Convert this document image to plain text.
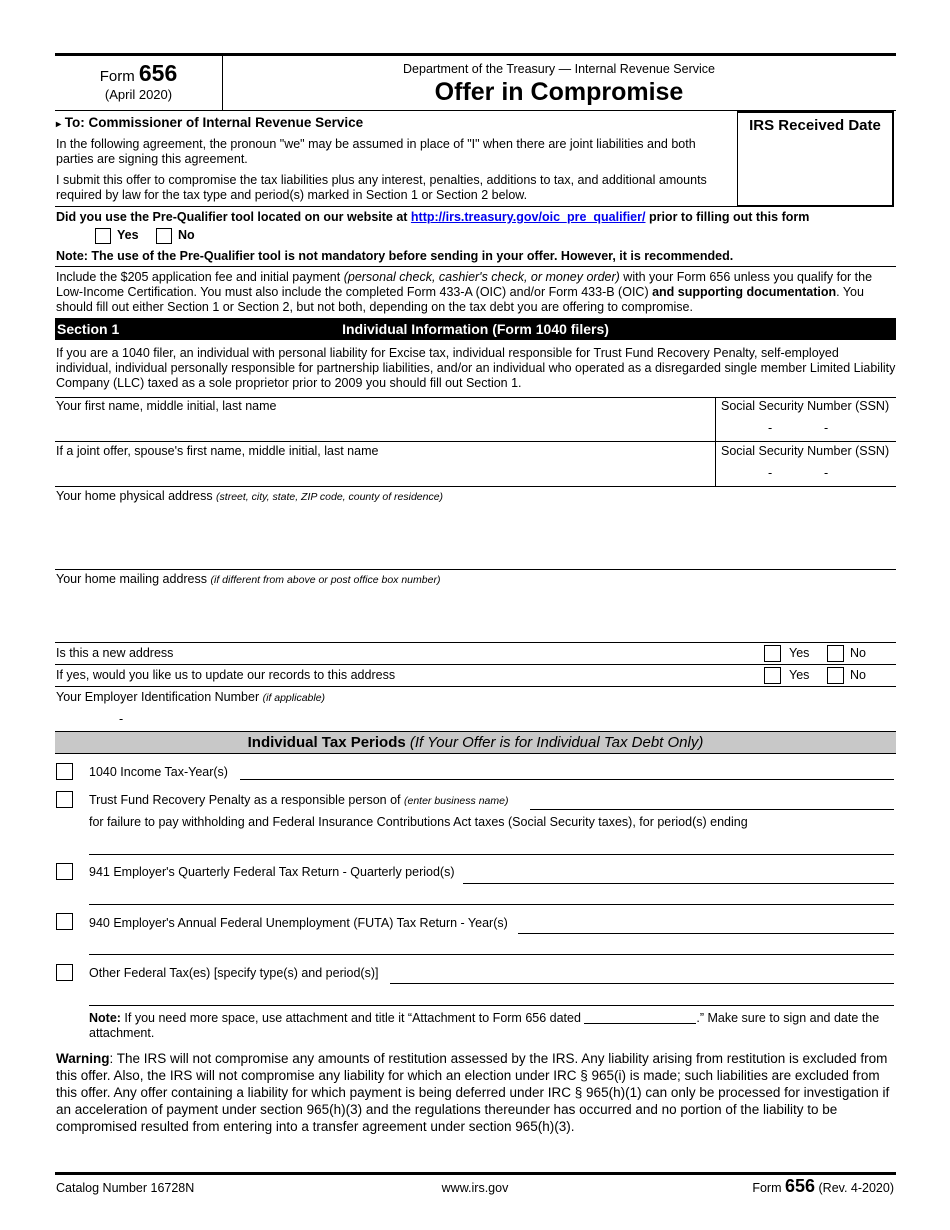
Form 656
(April 2020)
Department of the Treasury — Internal Revenue Service
Offer in Compromise
IRS Received Date
▸ To: Commissioner of Internal Revenue Service
In the following agreement, the pronoun "we" may be assumed in place of "I" when there are joint liabilities and both parties are signing this agreement.
I submit this offer to compromise the tax liabilities plus any interest, penalties, additions to tax, and additional amounts required by law for the tax type and period(s) marked in Section 1 or Section 2 below.
Did you use the Pre-Qualifier tool located on our website at http://irs.treasury.gov/oic_pre_qualifier/ prior to filling out this form
Yes	No
Note: The use of the Pre-Qualifier tool is not mandatory before sending in your offer. However, it is recommended.
Include the $205 application fee and initial payment (personal check, cashier's check, or money order) with your Form 656 unless you qualify for the Low-Income Certification. You must also include the completed Form 433-A (OIC) and/or Form 433-B (OIC) and supporting documentation. You should fill out either Section 1 or Section 2, but not both, depending on the tax debt you are offering to compromise.
Section 1	Individual Information (Form 1040 filers)
If you are a 1040 filer, an individual with personal liability for Excise tax, individual responsible for Trust Fund Recovery Penalty, self-employed individual, individual personally responsible for partnership liabilities, and/or an individual who operated as a disregarded single member Limited Liability Company (LLC) taxed as a sole proprietor prior to 2009 you should fill out Section 1.
Your first name, middle initial, last name	Social Security Number (SSN)
-	-
If a joint offer, spouse's first name, middle initial, last name	Social Security Number (SSN)
-	-
Your home physical address (street, city, state, ZIP code, county of residence)
Your home mailing address (if different from above or post office box number)
Is this a new address	Yes	No
If yes, would you like us to update our records to this address	Yes	No
Your Employer Identification Number (if applicable)
-
Individual Tax Periods (If Your Offer is for Individual Tax Debt Only)
1040 Income Tax-Year(s)
Trust Fund Recovery Penalty as a responsible person of (enter business name)
for failure to pay withholding and Federal Insurance Contributions Act taxes (Social Security taxes), for period(s) ending
941 Employer's Quarterly Federal Tax Return - Quarterly period(s)
940 Employer's Annual Federal Unemployment (FUTA) Tax Return - Year(s)
Other Federal Tax(es) [specify type(s) and period(s)]
Note: If you need more space, use attachment and title it “Attachment to Form 656 dated	.” Make sure to sign and date the attachment.
Warning: The IRS will not compromise any amounts of restitution assessed by the IRS. Any liability arising from restitution is excluded from this offer. Also, the IRS will not compromise any liability for which an election under IRC § 965(i) is made; such liabilities are excluded from this offer. Any offer containing a liability for which payment is being deferred under IRC § 965(h)(1) can only be processed for investigation if an acceleration of payment under section 965(h)(3) and the regulations thereunder has occurred and no portion of the liability to be compromised resulted from entering into a transfer agreement under section 965(h)(3).
Catalog Number 16728N	www.irs.gov	Form 656 (Rev. 4-2020)
